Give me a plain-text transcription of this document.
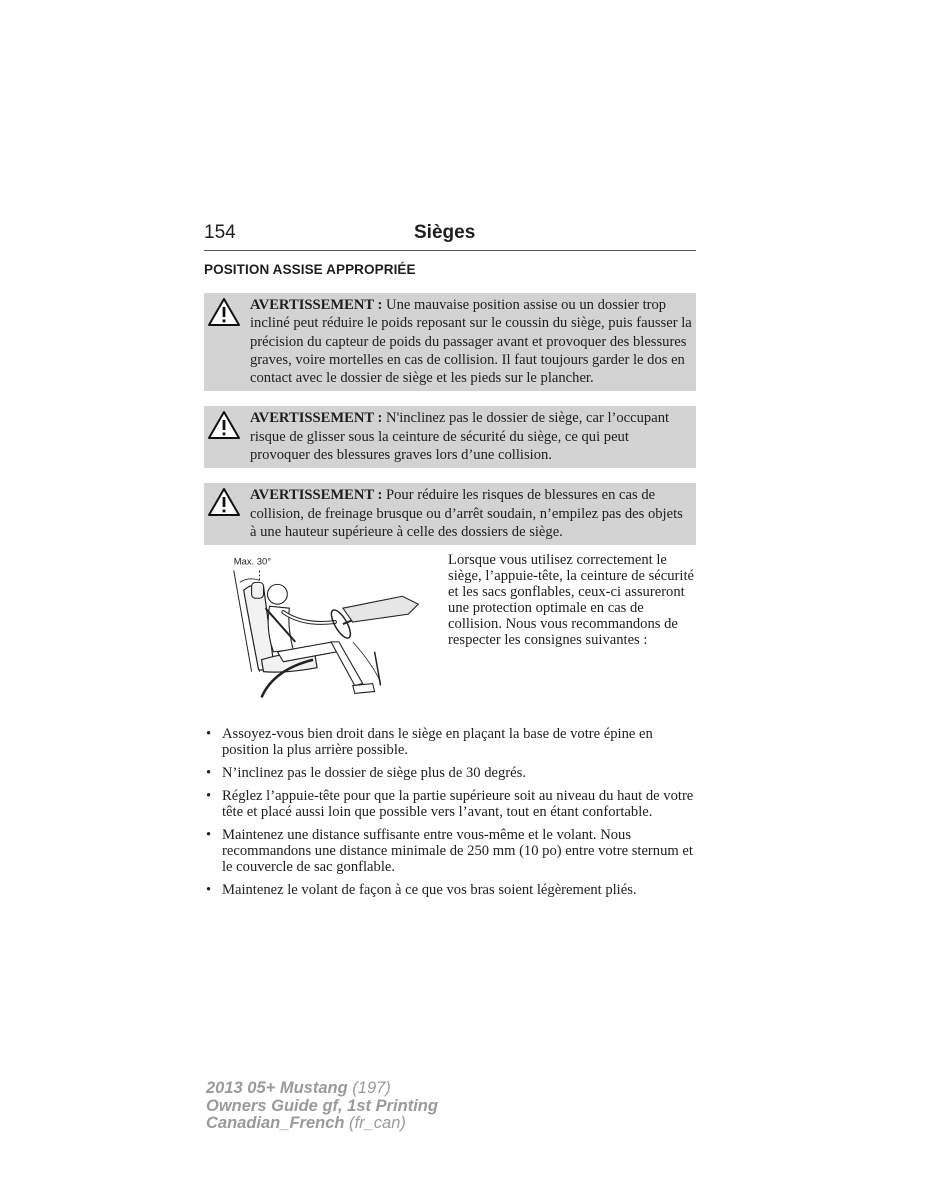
154	Sièges
POSITION ASSISE APPROPRIÉE
AVERTISSEMENT : Une mauvaise position assise ou un dossier trop incliné peut réduire le poids reposant sur le coussin du siège, puis fausser la précision du capteur de poids du passager avant et provoquer des blessures graves, voire mortelles en cas de collision. Il faut toujours garder le dos en contact avec le dossier de siège et les pieds sur le plancher.
AVERTISSEMENT : N'inclinez pas le dossier de siège, car l’occupant risque de glisser sous la ceinture de sécurité du siège, ce qui peut provoquer des blessures graves lors d’une collision.
AVERTISSEMENT : Pour réduire les risques de blessures en cas de collision, de freinage brusque ou d’arrêt soudain, n’empilez pas des objets à une hauteur supérieure à celle des dossiers de siège.
Max. 30°	Lorsque vous utilisez correctement le siège, l’appuie-tête, la ceinture de sécurité et les sacs gonflables, ceux-ci assureront une protection optimale en cas de collision. Nous vous recommandons de respecter les consignes suivantes :
• Assoyez-vous bien droit dans le siège en plaçant la base de votre épine en position la plus arrière possible.
• N’inclinez pas le dossier de siège plus de 30 degrés.
• Réglez l’appuie-tête pour que la partie supérieure soit au niveau du haut de votre tête et placé aussi loin que possible vers l’avant, tout en étant confortable.
• Maintenez une distance suffisante entre vous-même et le volant. Nous recommandons une distance minimale de 250 mm (10 po) entre votre sternum et le couvercle de sac gonflable.
• Maintenez le volant de façon à ce que vos bras soient légèrement pliés.
2013 05+ Mustang (197)
Owners Guide gf, 1st Printing
Canadian_French (fr_can)
